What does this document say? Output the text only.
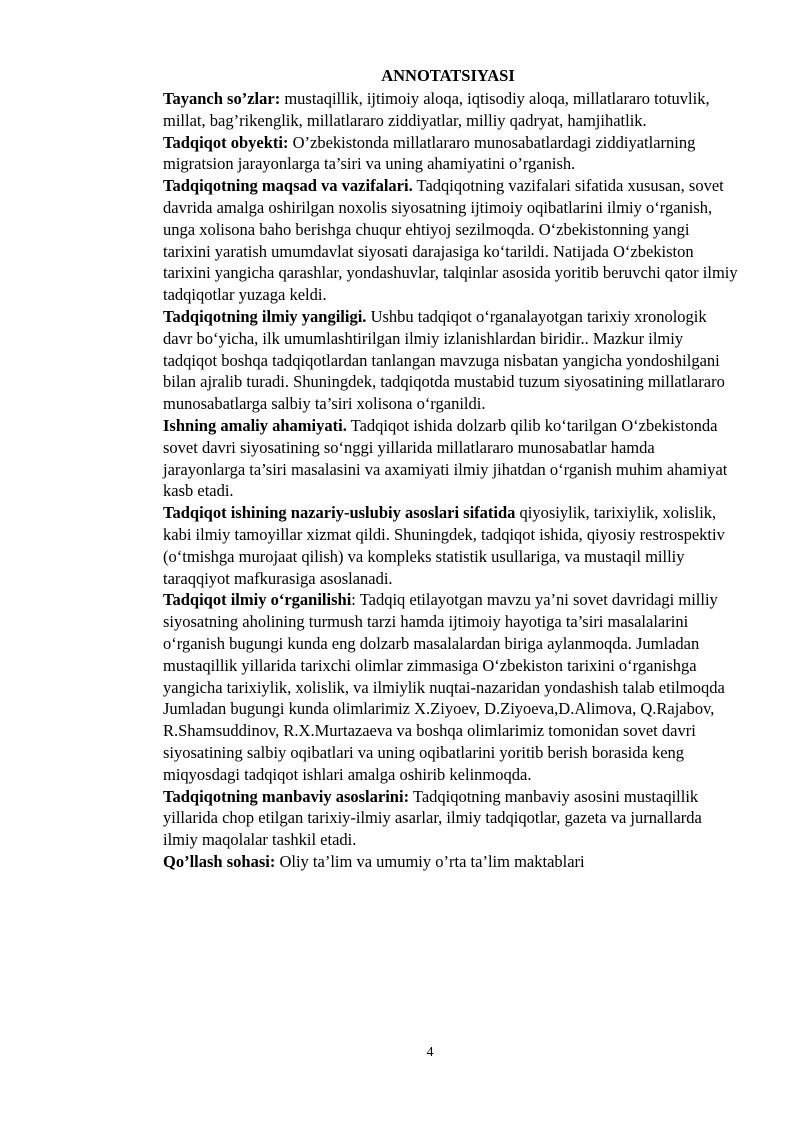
ANNOTATSIYASI

Tayanch so’zlar: mustaqillik, ijtimoiy aloqa, iqtisodiy aloqa, millatlararo totuvlik, millat, bag’rikenglik, millatlararo ziddiyatlar, milliy qadryat, hamjihatlik.

Tadqiqot obyekti: O’zbekistonda millatlararo munosabatlardagi ziddiyatlarning migratsion jarayonlarga ta’siri va uning ahamiyatini o’rganish.

Tadqiqotning maqsad va vazifalari. Tadqiqotning vazifalari sifatida xususan, sovet davrida amalga oshirilgan noxolis siyosatning ijtimoiy oqibatlarini ilmiy o‘rganish, unga xolisona baho berishga chuqur ehtiyoj sezilmoqda. O‘zbekistonning yangi tarixini yaratish umumdavlat siyosati darajasiga ko‘tarildi. Natijada O‘zbekiston tarixini yangicha qarashlar, yondashuvlar, talqinlar asosida yoritib beruvchi qator ilmiy tadqiqotlar yuzaga keldi.

Tadqiqotning ilmiy yangiligi. Ushbu tadqiqot o‘rganalayotgan tarixiy xronologik davr bo‘yicha, ilk umumlashtirilgan ilmiy izlanishlardan biridir.. Mazkur ilmiy tadqiqot boshqa tadqiqotlardan tanlangan mavzuga nisbatan yangicha yondoshilgani bilan ajralib turadi. Shuningdek, tadqiqotda mustabid tuzum siyosatining millatlararo munosabatlarga salbiy ta’siri xolisona o‘rganildi.

Ishning amaliy ahamiyati. Tadqiqot ishida dolzarb qilib ko‘tarilgan O‘zbekistonda sovet davri siyosatining so‘nggi yillarida millatlararo munosabatlar hamda jarayonlarga ta’siri masalasini va axamiyati ilmiy jihatdan o‘rganish muhim ahamiyat kasb etadi.

Tadqiqot ishining nazariy-uslubiy asoslari sifatida qiyosiylik, tarixiylik, xolislik, kabi ilmiy tamoyillar xizmat qildi. Shuningdek, tadqiqot ishida, qiyosiy restrospektiv (o‘tmishga murojaat qilish) va kompleks statistik usullariga, va mustaqil milliy taraqqiyot mafkurasiga asoslanadi.

Tadqiqot ilmiy o‘rganilishi: Tadqiq etilayotgan mavzu ya’ni sovet davridagi milliy siyosatning aholining turmush tarzi hamda ijtimoiy hayotiga ta’siri masalalarini o‘rganish bugungi kunda eng dolzarb masalalardan biriga aylanmoqda. Jumladan mustaqillik yillarida tarixchi olimlar zimmasiga O‘zbekiston tarixini o‘rganishga yangicha tarixiylik, xolislik, va ilmiylik nuqtai-nazaridan yondashish talab etilmoqda Jumladan bugungi kunda olimlarimiz X.Ziyoev, D.Ziyoeva,D.Alimova, Q.Rajabov, R.Shamsuddinov, R.X.Murtazaeva va boshqa olimlarimiz tomonidan sovet davri siyosatining salbiy oqibatlari va uning oqibatlarini yoritib berish borasida keng miqyosdagi tadqiqot ishlari amalga oshirib kelinmoqda.

Tadqiqotning manbaviy asoslarini: Tadqiqotning manbaviy asosini mustaqillik yillarida chop etilgan tarixiy-ilmiy asarlar, ilmiy tadqiqotlar, gazeta va jurnallarda ilmiy maqolalar tashkil etadi.

Qo’llash sohasi: Oliy ta’lim va umumiy o’rta ta’lim maktablari

4
